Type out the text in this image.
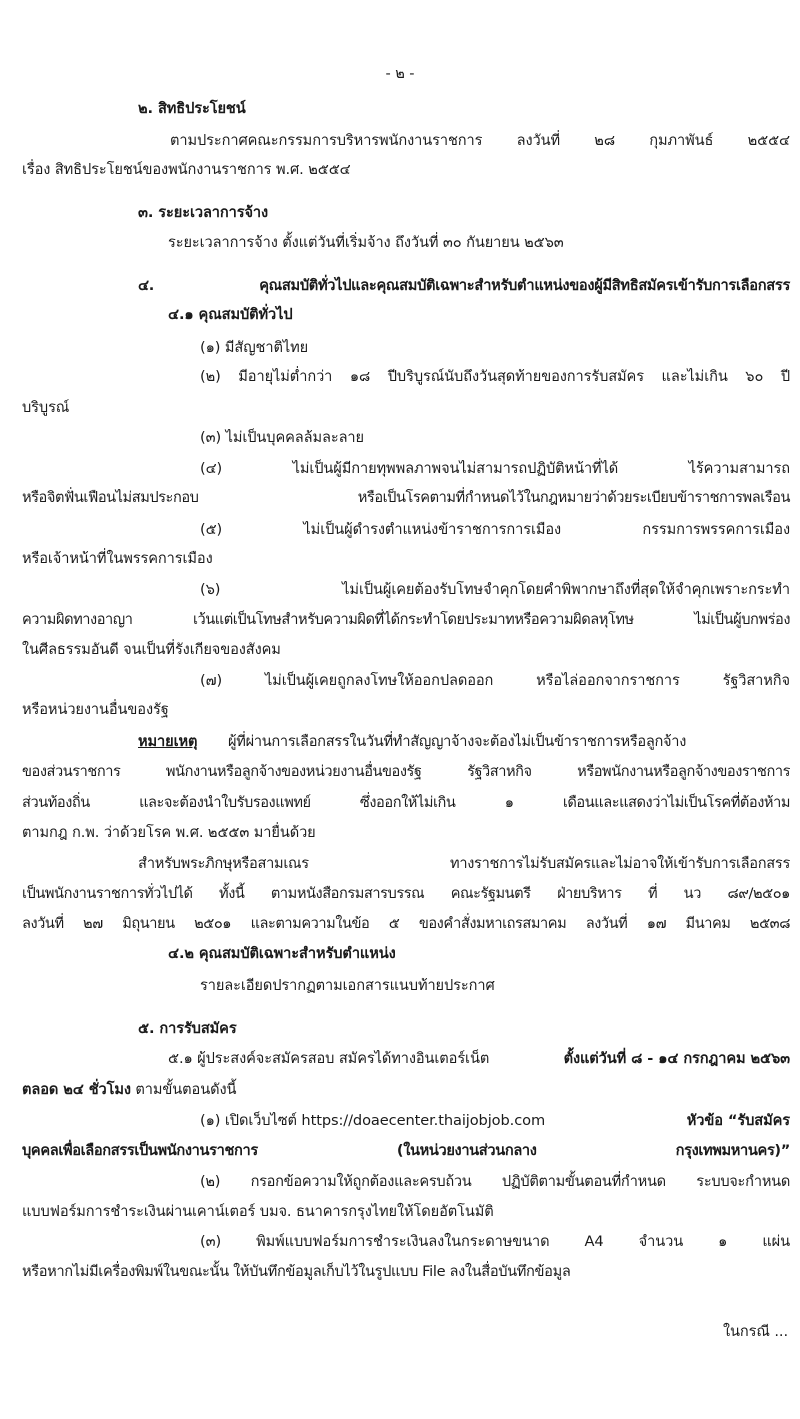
- ๒ -
๒. สิทธิประโยชน์
ตามประกาศคณะกรรมการบริหารพนักงานราชการ ลงวันที่ ๒๘ กุมภาพันธ์ ๒๕๕๔
เรื่อง สิทธิประโยชน์ของพนักงานราชการ พ.ศ. ๒๕๕๔
๓. ระยะเวลาการจ้าง
ระยะเวลาการจ้าง ตั้งแต่วันที่เริ่มจ้าง ถึงวันที่ ๓๐ กันยายน ๒๕๖๓
๔. คุณสมบัติทั่วไปและคุณสมบัติเฉพาะสำหรับตำแหน่งของผู้มีสิทธิสมัครเข้ารับการเลือกสรร
๔.๑ คุณสมบัติทั่วไป
(๑) มีสัญชาติไทย
(๒) มีอายุไม่ต่ำกว่า ๑๘ ปีบริบูรณ์นับถึงวันสุดท้ายของการรับสมัคร และไม่เกิน ๖๐ ปี
บริบูรณ์
(๓) ไม่เป็นบุคคลล้มละลาย
(๔) ไม่เป็นผู้มีกายทุพพลภาพจนไม่สามารถปฏิบัติหน้าที่ได้ ไร้ความสามารถ
หรือจิตฟั่นเฟือนไม่สมประกอบ หรือเป็นโรคตามที่กำหนดไว้ในกฎหมายว่าด้วยระเบียบข้าราชการพลเรือน
(๕) ไม่เป็นผู้ดำรงตำแหน่งข้าราชการการเมือง กรรมการพรรคการเมือง
หรือเจ้าหน้าที่ในพรรคการเมือง
(๖) ไม่เป็นผู้เคยต้องรับโทษจำคุกโดยคำพิพากษาถึงที่สุดให้จำคุกเพราะกระทำ
ความผิดทางอาญา เว้นแต่เป็นโทษสำหรับความผิดที่ได้กระทำโดยประมาทหรือความผิดลหุโทษ ไม่เป็นผู้บกพร่อง
ในศีลธรรมอันดี จนเป็นที่รังเกียจของสังคม
(๗) ไม่เป็นผู้เคยถูกลงโทษให้ออกปลดออก หรือไล่ออกจากราชการ รัฐวิสาหกิจ
หรือหน่วยงานอื่นของรัฐ
หมายเหตุ ผู้ที่ผ่านการเลือกสรรในวันที่ทำสัญญาจ้างจะต้องไม่เป็นข้าราชการหรือลูกจ้าง
ของส่วนราชการ พนักงานหรือลูกจ้างของหน่วยงานอื่นของรัฐ รัฐวิสาหกิจ หรือพนักงานหรือลูกจ้างของราชการ
ส่วนท้องถิ่น และจะต้องนำใบรับรองแพทย์ ซึ่งออกให้ไม่เกิน ๑ เดือนและแสดงว่าไม่เป็นโรคที่ต้องห้าม
ตามกฎ ก.พ. ว่าด้วยโรค พ.ศ. ๒๕๕๓ มายื่นด้วย
สำหรับพระภิกษุหรือสามเณร ทางราชการไม่รับสมัครและไม่อาจให้เข้ารับการเลือกสรร
เป็นพนักงานราชการทั่วไปได้ ทั้งนี้ ตามหนังสือกรมสารบรรณ คณะรัฐมนตรี ฝ่ายบริหาร ที่ นว ๘๙/๒๕๐๑
ลงวันที่ ๒๗ มิถุนายน ๒๕๐๑ และตามความในข้อ ๕ ของคำสั่งมหาเถรสมาคม ลงวันที่ ๑๗ มีนาคม ๒๕๓๘
๔.๒ คุณสมบัติเฉพาะสำหรับตำแหน่ง
รายละเอียดปรากฏตามเอกสารแนบท้ายประกาศ
๕. การรับสมัคร
๕.๑ ผู้ประสงค์จะสมัครสอบ สมัครได้ทางอินเตอร์เน็ต	ตั้งแต่วันที่ ๘ - ๑๔ กรกฎาคม ๒๕๖๓
ตลอด ๒๔ ชั่วโมง ตามขั้นตอนดังนี้
(๑) เปิดเว็บไซต์ https://doaecenter.thaijobjob.com	หัวข้อ “รับสมัคร
บุคคลเพื่อเลือกสรรเป็นพนักงานราชการ (ในหน่วยงานส่วนกลาง กรุงเทพมหานคร)”
(๒) กรอกข้อความให้ถูกต้องและครบถ้วน ปฏิบัติตามขั้นตอนที่กำหนด ระบบจะกำหนด
แบบฟอร์มการชำระเงินผ่านเคาน์เตอร์ บมจ. ธนาคารกรุงไทยให้โดยอัตโนมัติ
(๓) พิมพ์แบบฟอร์มการชำระเงินลงในกระดาษขนาด A4 จำนวน ๑ แผ่น
หรือหากไม่มีเครื่องพิมพ์ในขณะนั้น ให้บันทึกข้อมูลเก็บไว้ในรูปแบบ File ลงในสื่อบันทึกข้อมูล
ในกรณี ...
